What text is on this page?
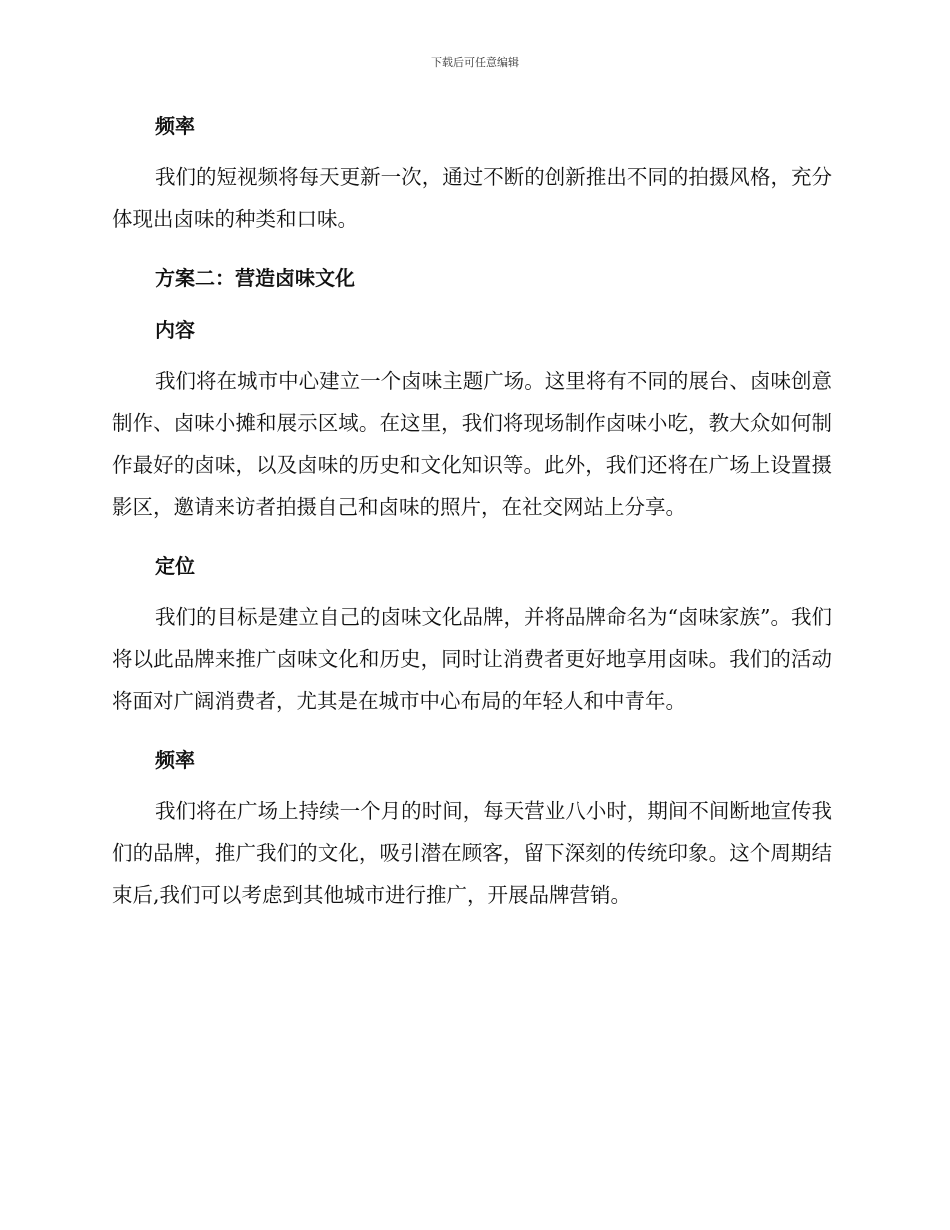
下载后可任意编辑
频率

我们的短视频将每天更新一次，通过不断的创新推出不同的拍摄风格，充分体现出卤味的种类和口味。

方案二：营造卤味文化
内容

我们将在城市中心建立一个卤味主题广场。这里将有不同的展台、卤味创意制作、卤味小摊和展示区域。在这里，我们将现场制作卤味小吃，教大众如何制作最好的卤味，以及卤味的历史和文化知识等。此外，我们还将在广场上设置摄影区，邀请来访者拍摄自己和卤味的照片，在社交网站上分享。

定位

我们的目标是建立自己的卤味文化品牌，并将品牌命名为“卤味家族”。我们将以此品牌来推广卤味文化和历史，同时让消费者更好地享用卤味。我们的活动将面对广阔消费者，尤其是在城市中心布局的年轻人和中青年。

频率

我们将在广场上持续一个月的时间，每天营业八小时，期间不间断地宣传我们的品牌，推广我们的文化，吸引潜在顾客，留下深刻的传统印象。这个周期结束后,我们可以考虑到其他城市进行推广，开展品牌营销。
